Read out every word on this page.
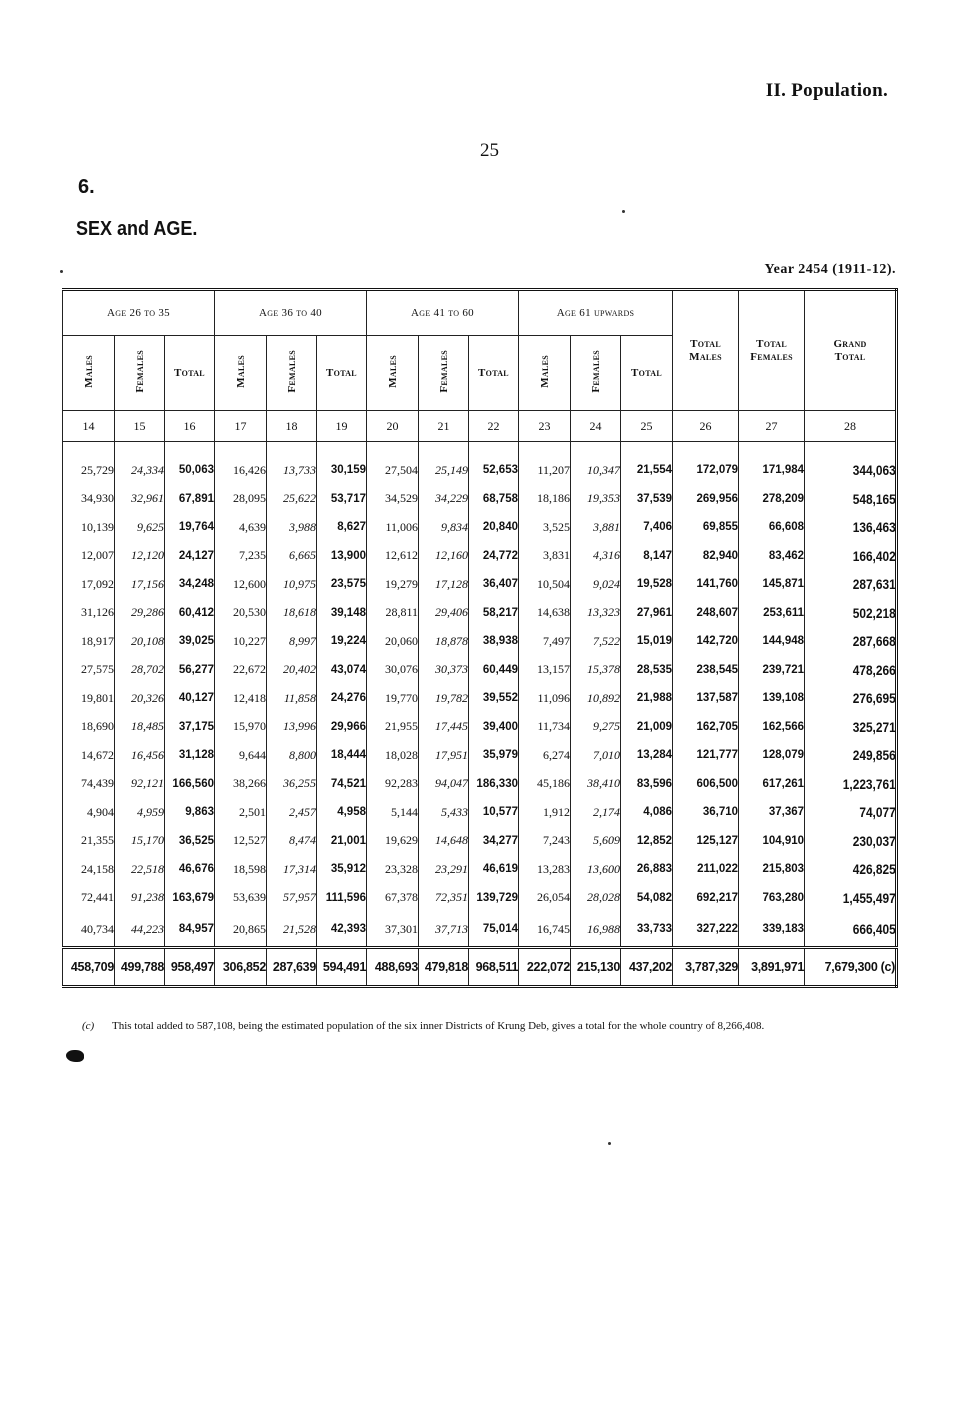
II. Population.
25
6.
SEX and AGE.
Year 2454 (1911-12).
Age 26 to 35			Age 36 to 40			Age 41 to 60			Age 61 upwards			Total Males	Total Females	Grand Total
Males	Females	Total	Males	Females	Total	Males	Females	Total	Males	Females	Total			
14	15	16	17	18	19	20	21	22	23	24	25	26	27	28

25,729	24,334	50,063	16,426	13,733	30,159	27,504	25,149	52,653	11,207	10,347	21,554	172,079	171,984	344,063
34,930	32,961	67,891	28,095	25,622	53,717	34,529	34,229	68,758	18,186	19,353	37,539	269,956	278,209	548,165
10,139	9,625	19,764	4,639	3,988	8,627	11,006	9,834	20,840	3,525	3,881	7,406	69,855	66,608	136,463
12,007	12,120	24,127	7,235	6,665	13,900	12,612	12,160	24,772	3,831	4,316	8,147	82,940	83,462	166,402
17,092	17,156	34,248	12,600	10,975	23,575	19,279	17,128	36,407	10,504	9,024	19,528	141,760	145,871	287,631
31,126	29,286	60,412	20,530	18,618	39,148	28,811	29,406	58,217	14,638	13,323	27,961	248,607	253,611	502,218
18,917	20,108	39,025	10,227	8,997	19,224	20,060	18,878	38,938	7,497	7,522	15,019	142,720	144,948	287,668
27,575	28,702	56,277	22,672	20,402	43,074	30,076	30,373	60,449	13,157	15,378	28,535	238,545	239,721	478,266
19,801	20,326	40,127	12,418	11,858	24,276	19,770	19,782	39,552	11,096	10,892	21,988	137,587	139,108	276,695
18,690	18,485	37,175	15,970	13,996	29,966	21,955	17,445	39,400	11,734	9,275	21,009	162,705	162,566	325,271
14,672	16,456	31,128	9,644	8,800	18,444	18,028	17,951	35,979	6,274	7,010	13,284	121,777	128,079	249,856
74,439	92,121	166,560	38,266	36,255	74,521	92,283	94,047	186,330	45,186	38,410	83,596	606,500	617,261	1,223,761
4,904	4,959	9,863	2,501	2,457	4,958	5,144	5,433	10,577	1,912	2,174	4,086	36,710	37,367	74,077
21,355	15,170	36,525	12,527	8,474	21,001	19,629	14,648	34,277	7,243	5,609	12,852	125,127	104,910	230,037
24,158	22,518	46,676	18,598	17,314	35,912	23,328	23,291	46,619	13,283	13,600	26,883	211,022	215,803	426,825
72,441	91,238	163,679	53,639	57,957	111,596	67,378	72,351	139,729	26,054	28,028	54,082	692,217	763,280	1,455,497
40,734	44,223	84,957	20,865	21,528	42,393	37,301	37,713	75,014	16,745	16,988	33,733	327,222	339,183	666,405
458,709	499,788	958,497	306,852	287,639	594,491	488,693	479,818	968,511	222,072	215,130	437,202	3,787,329	3,891,971	7,679,300 (c)
(c) This total added to 587,108, being the estimated population of the six inner Districts of Krung Deb, gives a total for the whole country of 8,266,408.
